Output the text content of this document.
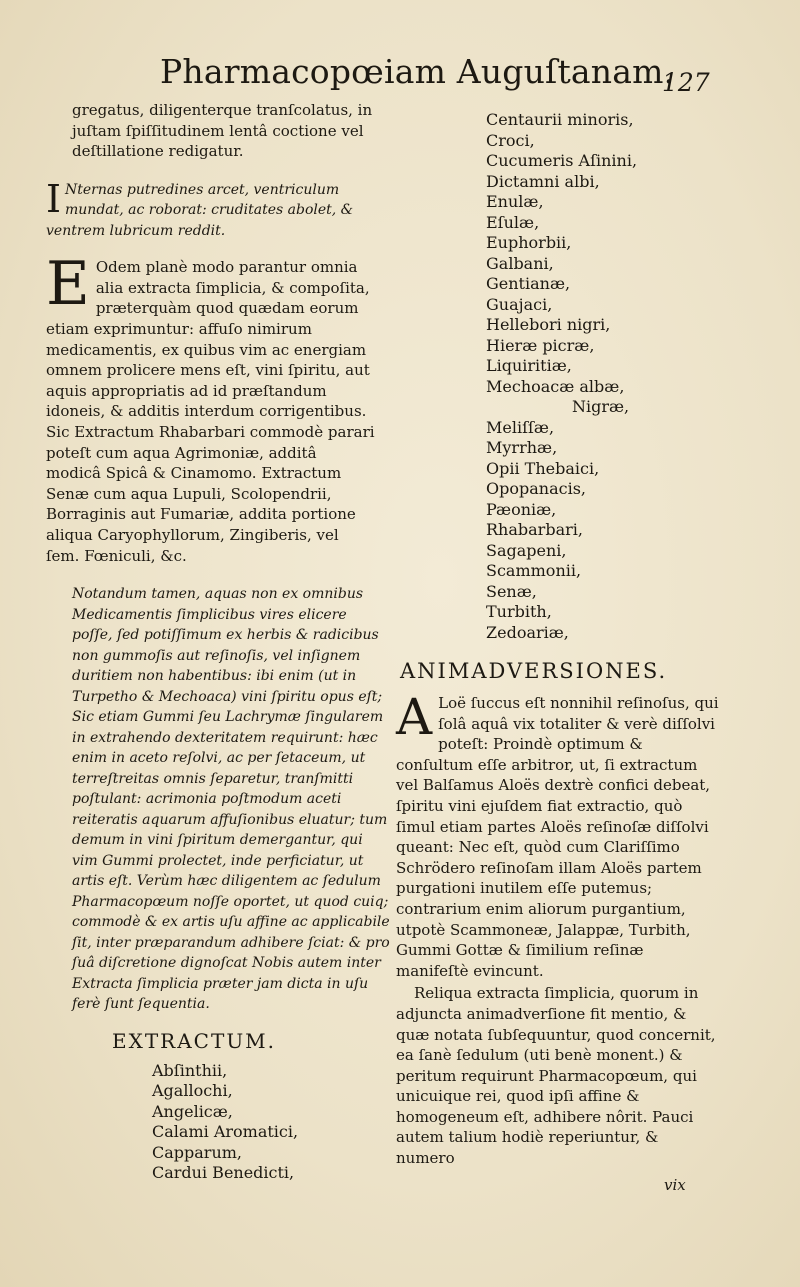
Pharmacopœiam Auguſtanam.
127

gregatus, diligenterque tranſcolatus, in juſtam ſpiſſitudinem lentâ coctione vel deſtillatione redigatur.

I Nternas putredines arcet, ventriculum mundat, ac roborat: cruditates abolet, & ventrem lubricum reddit.

E Odem planè modo parantur omnia alia extracta ſimplicia, & compoſita, præterquàm quod quædam eorum etiam exprimuntur: affuſo nimirum medicamentis, ex quibus vim ac energiam omnem prolicere mens eſt, vini ſpiritu, aut aquis appropriatis ad id præſtandum idoneis, & additis interdum corrigentibus. Sic Extractum Rhabarbari commodè parari poteſt cum aqua Agrimoniæ, additâ modicâ Spicâ & Cinamomo. Extractum Senæ cum aqua Lupuli, Scolopendrii, Borraginis aut Fumariæ, addita portione aliqua Caryophyllorum, Zingiberis, vel ſem. Fœniculi, &c.

Notandum tamen, aquas non ex omnibus Medicamentis ſimplicibus vires elicere poſſe, ſed potiſſimum ex herbis & radicibus non gummoſis aut reſinoſis, vel inſignem duritiem non habentibus: ibi enim (ut in Turpetho & Mechoaca) vini ſpiritu opus eſt; Sic etiam Gummi ſeu Lachrymæ ſingularem in extrahendo dexteritatem requirunt: hæc enim in aceto reſolvi, ac per ſetaceum, ut terreſtreitas omnis ſeparetur, tranſmitti poſtulant: acrimonia poſtmodum aceti reiteratis aquarum affuſionibus eluatur; tum demum in vini ſpiritum demergantur, qui vim Gummi prolectet, inde perficiatur, ut artis eſt. Verùm hæc diligentem ac ſedulum Pharmacopœum noſſe oportet, ut quod cuiq; commodè & ex artis uſu affine ac applicabile ſit, inter præparandum adhibere ſciat: & pro ſuâ diſcretione dignoſcat Nobis autem inter Extracta ſimplicia præter jam dicta in uſu ferè ſunt ſequentia.

EXTRACTUM.
Abſinthii,
Agallochi,
Angelicæ,
Calami Aromatici,
Capparum,
Cardui Benedicti,
Centaurii minoris,
Croci,
Cucumeris Aſinini,
Dictamni albi,
Enulæ,
Eſulæ,
Euphorbii,
Galbani,
Gentianæ,
Guajaci,
Hellebori nigri,
Hieræ picræ,
Liquiritiæ,
Mechoacæ albæ,
Nigræ,
Meliſſæ,
Myrrhæ,
Opii Thebaici,
Opopanacis,
Pæoniæ,
Rhabarbari,
Sagapeni,
Scammonii,
Senæ,
Turbith,
Zedoariæ,
ANIMADVERSIONES.

A Loë ſuccus eſt nonnihil reſinoſus, qui ſolâ aquâ vix totaliter & verè diſſolvi poteſt: Proindè optimum & conſultum eſſe arbitror, ut, ſi extractum vel Balſamus Aloës dextrè confici debeat, ſpiritu vini ejuſdem fiat extractio, quò ſimul etiam partes Aloës reſinoſæ diſſolvi queant: Nec eſt, quòd cum Clariſſimo Schrödero reſinoſam illam Aloës partem purgationi inutilem eſſe putemus; contrarium enim aliorum purgantium, utpotè Scammoneæ, Jalappæ, Turbith, Gummi Gottæ & ſimilium reſinæ manifeſtè evincunt.

Reliqua extracta ſimplicia, quorum in adjuncta animadverſione fit mentio, & quæ notata ſubſequuntur, quod concernit, ea ſanè ſedulum (uti benè monent.) & peritum requirunt Pharmacopœum, qui unicuique rei, quod ipſi affine & homogeneum eſt, adhibere nôrit. Pauci autem talium hodiè reperiuntur, & numero

vix
